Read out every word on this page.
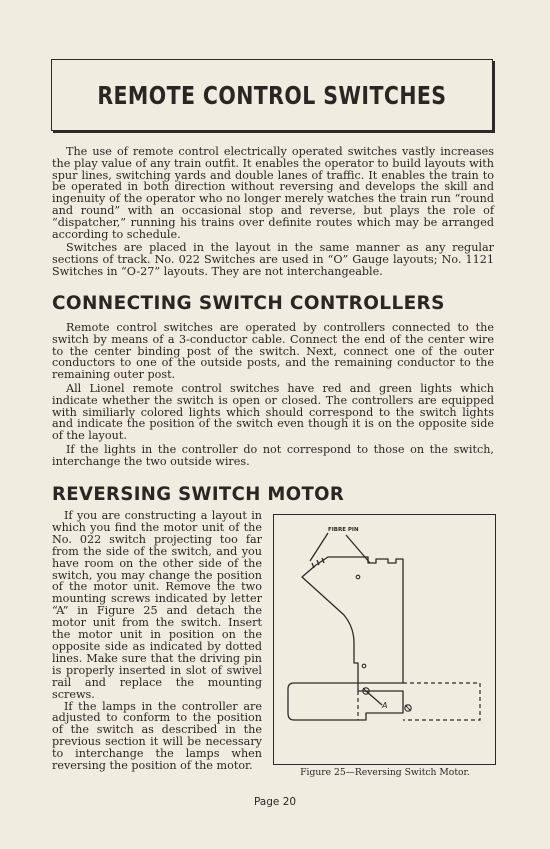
REMOTE CONTROL SWITCHES

The use of remote control electrically operated switches vastly increases the play value of any train outfit. It enables the operator to build layouts with spur lines, switching yards and double lanes of traffic. It enables the train to be operated in both direction without reversing and develops the skill and ingenuity of the operator who no longer merely watches the train run “round and round” with an occasional stop and reverse, but plays the role of “dispatcher,” running his trains over definite routes which may be arranged according to schedule.

Switches are placed in the layout in the same manner as any regular sections of track. No. 022 Switches are used in “O” Gauge layouts; No. 1121 Switches in “O-27” layouts. They are not interchangeable.

CONNECTING SWITCH CONTROLLERS

Remote control switches are operated by controllers connected to the switch by means of a 3-conductor cable. Connect the end of the center wire to the center binding post of the switch. Next, connect one of the outer conductors to one of the outside posts, and the remaining conductor to the remaining outer post.

All Lionel remote control switches have red and green lights which indicate whether the switch is open or closed. The controllers are equipped with similiarly colored lights which should correspond to the switch lights and indicate the position of the switch even though it is on the opposite side of the layout.

If the lights in the controller do not correspond to those on the switch, interchange the two outside wires.

REVERSING SWITCH MOTOR

If you are constructing a layout in which you find the motor unit of the No. 022 switch projecting too far from the side of the switch, and you have room on the other side of the switch, you may change the position of the motor unit. Remove the two mounting screws indicated by letter “A” in Figure 25 and detach the motor unit from the switch. Insert the motor unit in position on the opposite side as indicated by dotted lines. Make sure that the driving pin is properly inserted in slot of swivel rail and replace the mounting screws.

If the lamps in the controller are adjusted to conform to the position of the switch as described in the previous section it will be necessary to interchange the lamps when reversing the position of the motor.

FIBRE PIN
A
Figure 25—Reversing Switch Motor.
Page 20
